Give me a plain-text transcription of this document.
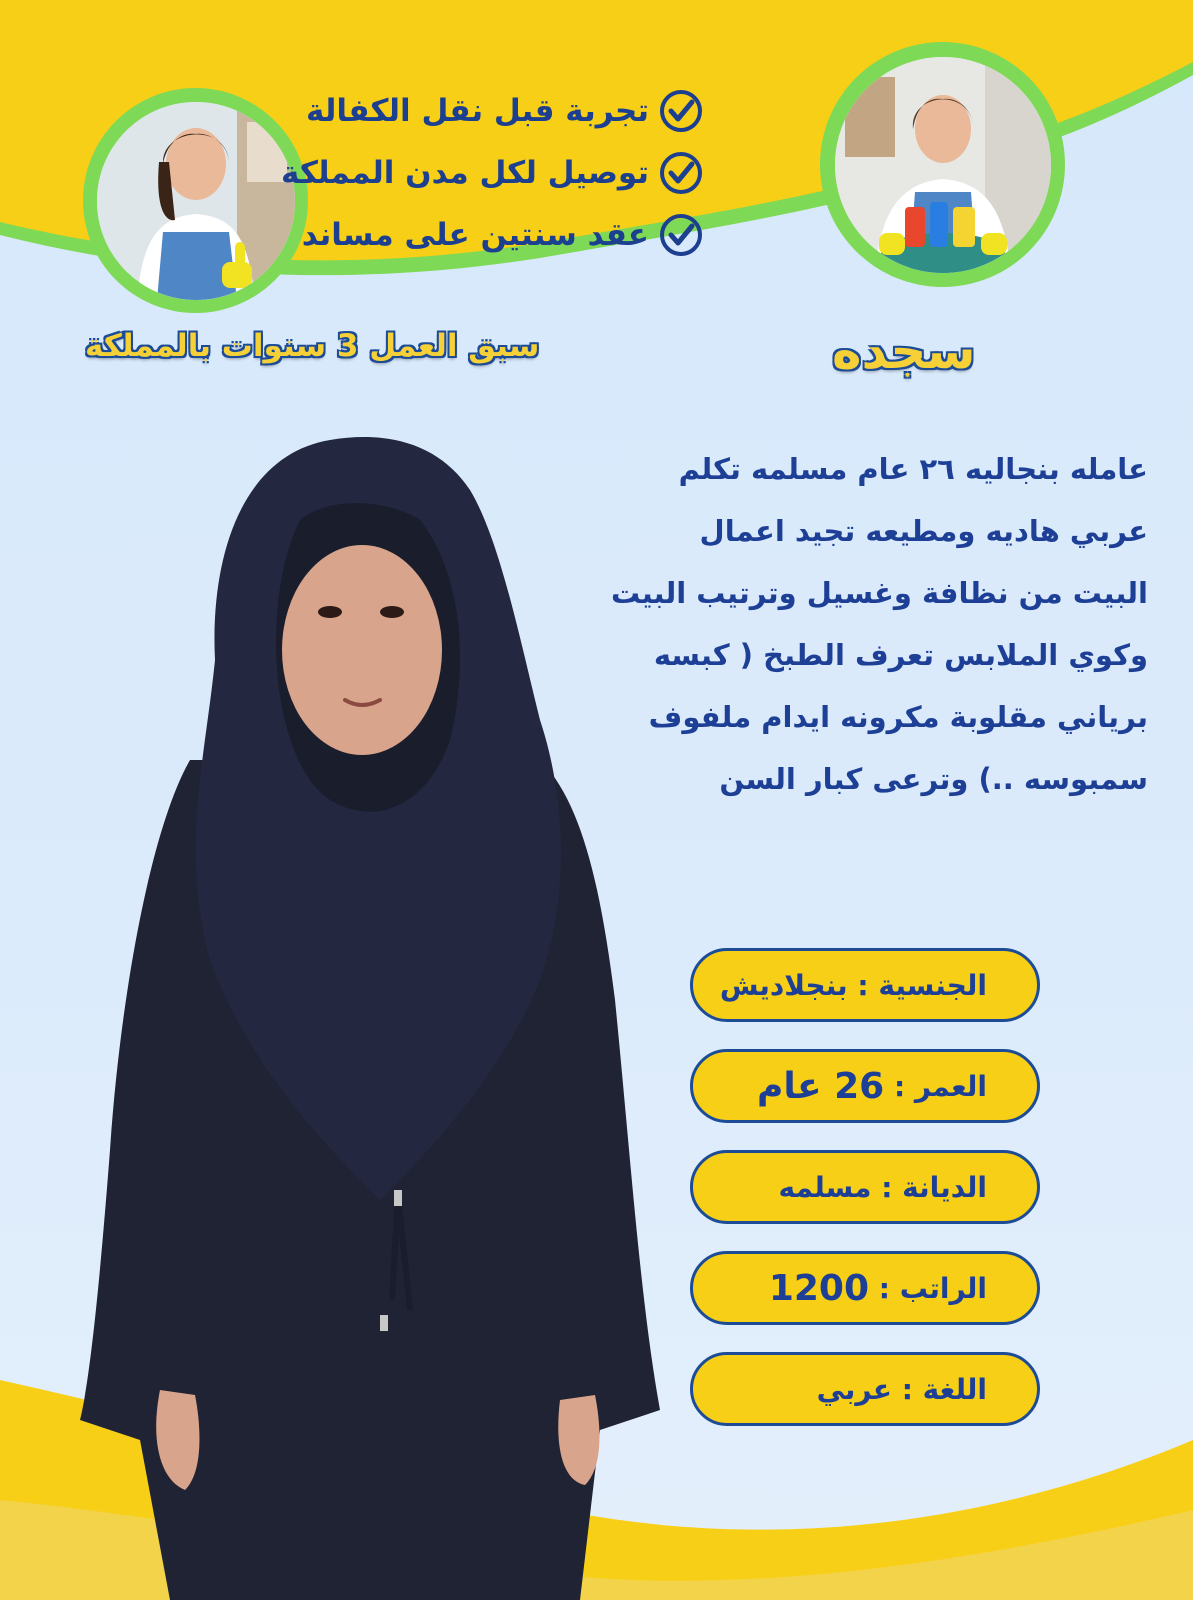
تجربة قبل نقل الكفالة
توصيل لكل مدن المملكة
عقد سنتين على مساند
سبق العمل 3 سنوات بالمملكة	سجده
عامله بنجاليه ٢٦ عام مسلمه تكلم
عربي هاديه ومطيعه تجيد اعمال
البيت من نظافة وغسيل وترتيب البيت
وكوي الملابس تعرف الطبخ ( كبسه
برياني مقلوبة مكرونه ايدام ملفوف
سمبوسه ..) وترعى كبار السن
الجنسية :

بنجلاديش
العمر :

26 عام
الديانة :

مسلمه
الراتب :

1200
اللغة :

عربي
